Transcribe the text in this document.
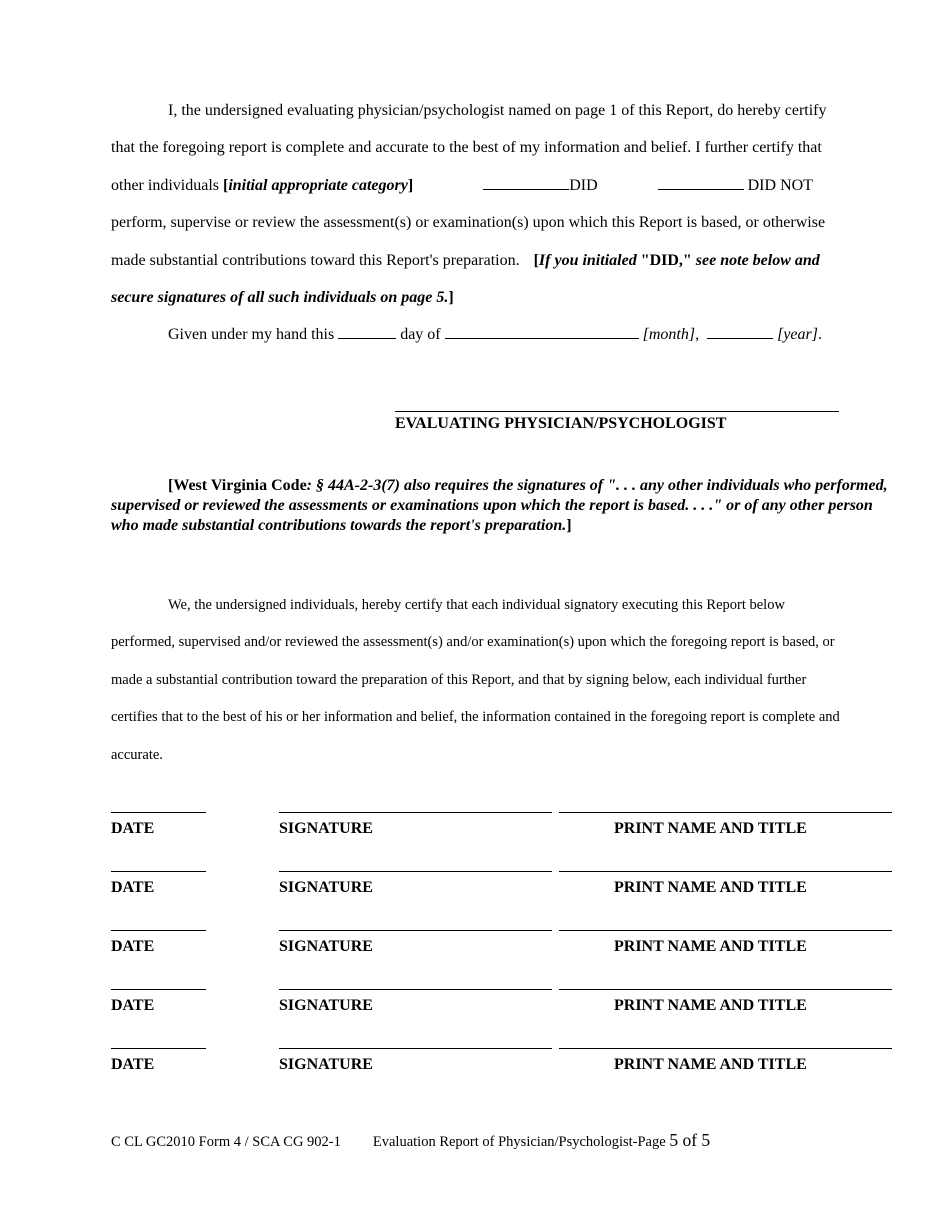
I, the undersigned evaluating physician/psychologist named on page 1 of this Report, do hereby certify
that the foregoing report is complete and accurate to the best of my information and belief. I further certify that
other individuals [initial appropriate category]	DID	DID NOT
perform, supervise or review the assessment(s) or examination(s) upon which this Report is based, or otherwise
made substantial contributions toward this Report's preparation. [If you initialed "DID," see note below and
secure signatures of all such individuals on page 5.]
Given under my hand this	day of	[month],	[year].
EVALUATING PHYSICIAN/PSYCHOLOGIST
[West Virginia Code: § 44A-2-3(7) also requires the signatures of ". . . any other individuals who performed, supervised or reviewed the assessments or examinations upon which the report is based. . . ." or of any other person who made substantial contributions towards the report's preparation.]
We, the undersigned individuals, hereby certify that each individual signatory executing this Report below
performed, supervised and/or reviewed the assessment(s) and/or examination(s) upon which the foregoing report is based, or
made a substantial contribution toward the preparation of this Report, and that by signing below, each individual further
certifies that to the best of his or her information and belief, the information contained in the foregoing report is complete and
accurate.
DATE	SIGNATURE	PRINT NAME AND TITLE
DATE	SIGNATURE	PRINT NAME AND TITLE
DATE	SIGNATURE	PRINT NAME AND TITLE
DATE	SIGNATURE	PRINT NAME AND TITLE
DATE	SIGNATURE	PRINT NAME AND TITLE
C CL GC2010 Form 4 / SCA CG 902-1 Evaluation Report of Physician/Psychologist-Page 5 of 5
